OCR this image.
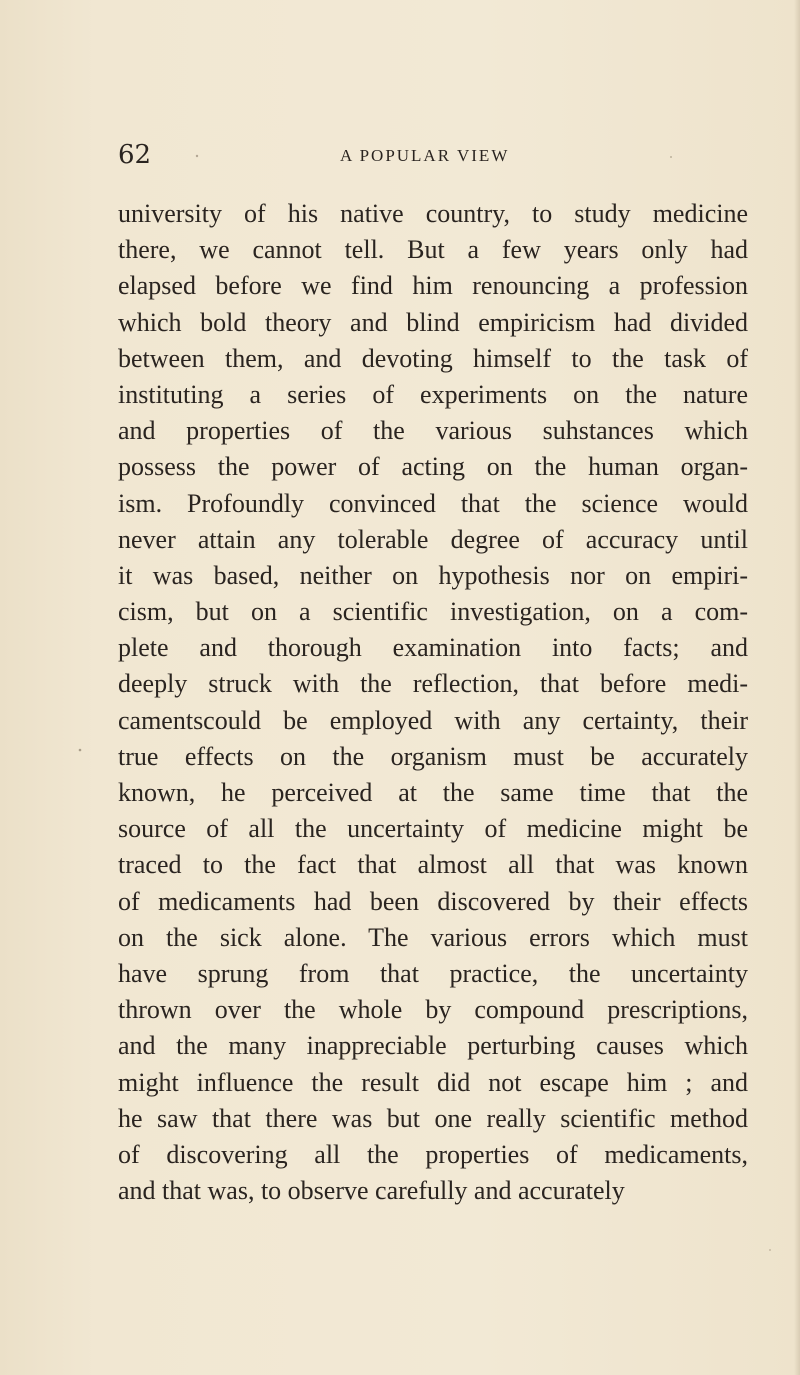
62	A POPULAR VIEW
university of his native country, to study medicine
there, we cannot tell. But a few years only had
elapsed before we find him renouncing a profession
which bold theory and blind empiricism had divided
between them, and devoting himself to the task of
instituting a series of experiments on the nature
and properties of the various suhstances which
possess the power of acting on the human organ-
ism. Profoundly convinced that the science would
never attain any tolerable degree of accuracy until
it was based, neither on hypothesis nor on empiri-
cism, but on a scientific investigation, on a com-
plete and thorough examination into facts; and
deeply struck with the reflection, that before medi-
camentscould be employed with any certainty, their
true effects on the organism must be accurately
known, he perceived at the same time that the
source of all the uncertainty of medicine might be
traced to the fact that almost all that was known
of medicaments had been discovered by their effects
on the sick alone. The various errors which must
have sprung from that practice, the uncertainty
thrown over the whole by compound prescriptions,
and the many inappreciable perturbing causes which
might influence the result did not escape him ; and
he saw that there was but one really scientific method
of discovering all the properties of medicaments,
and that was, to observe carefully and accurately
